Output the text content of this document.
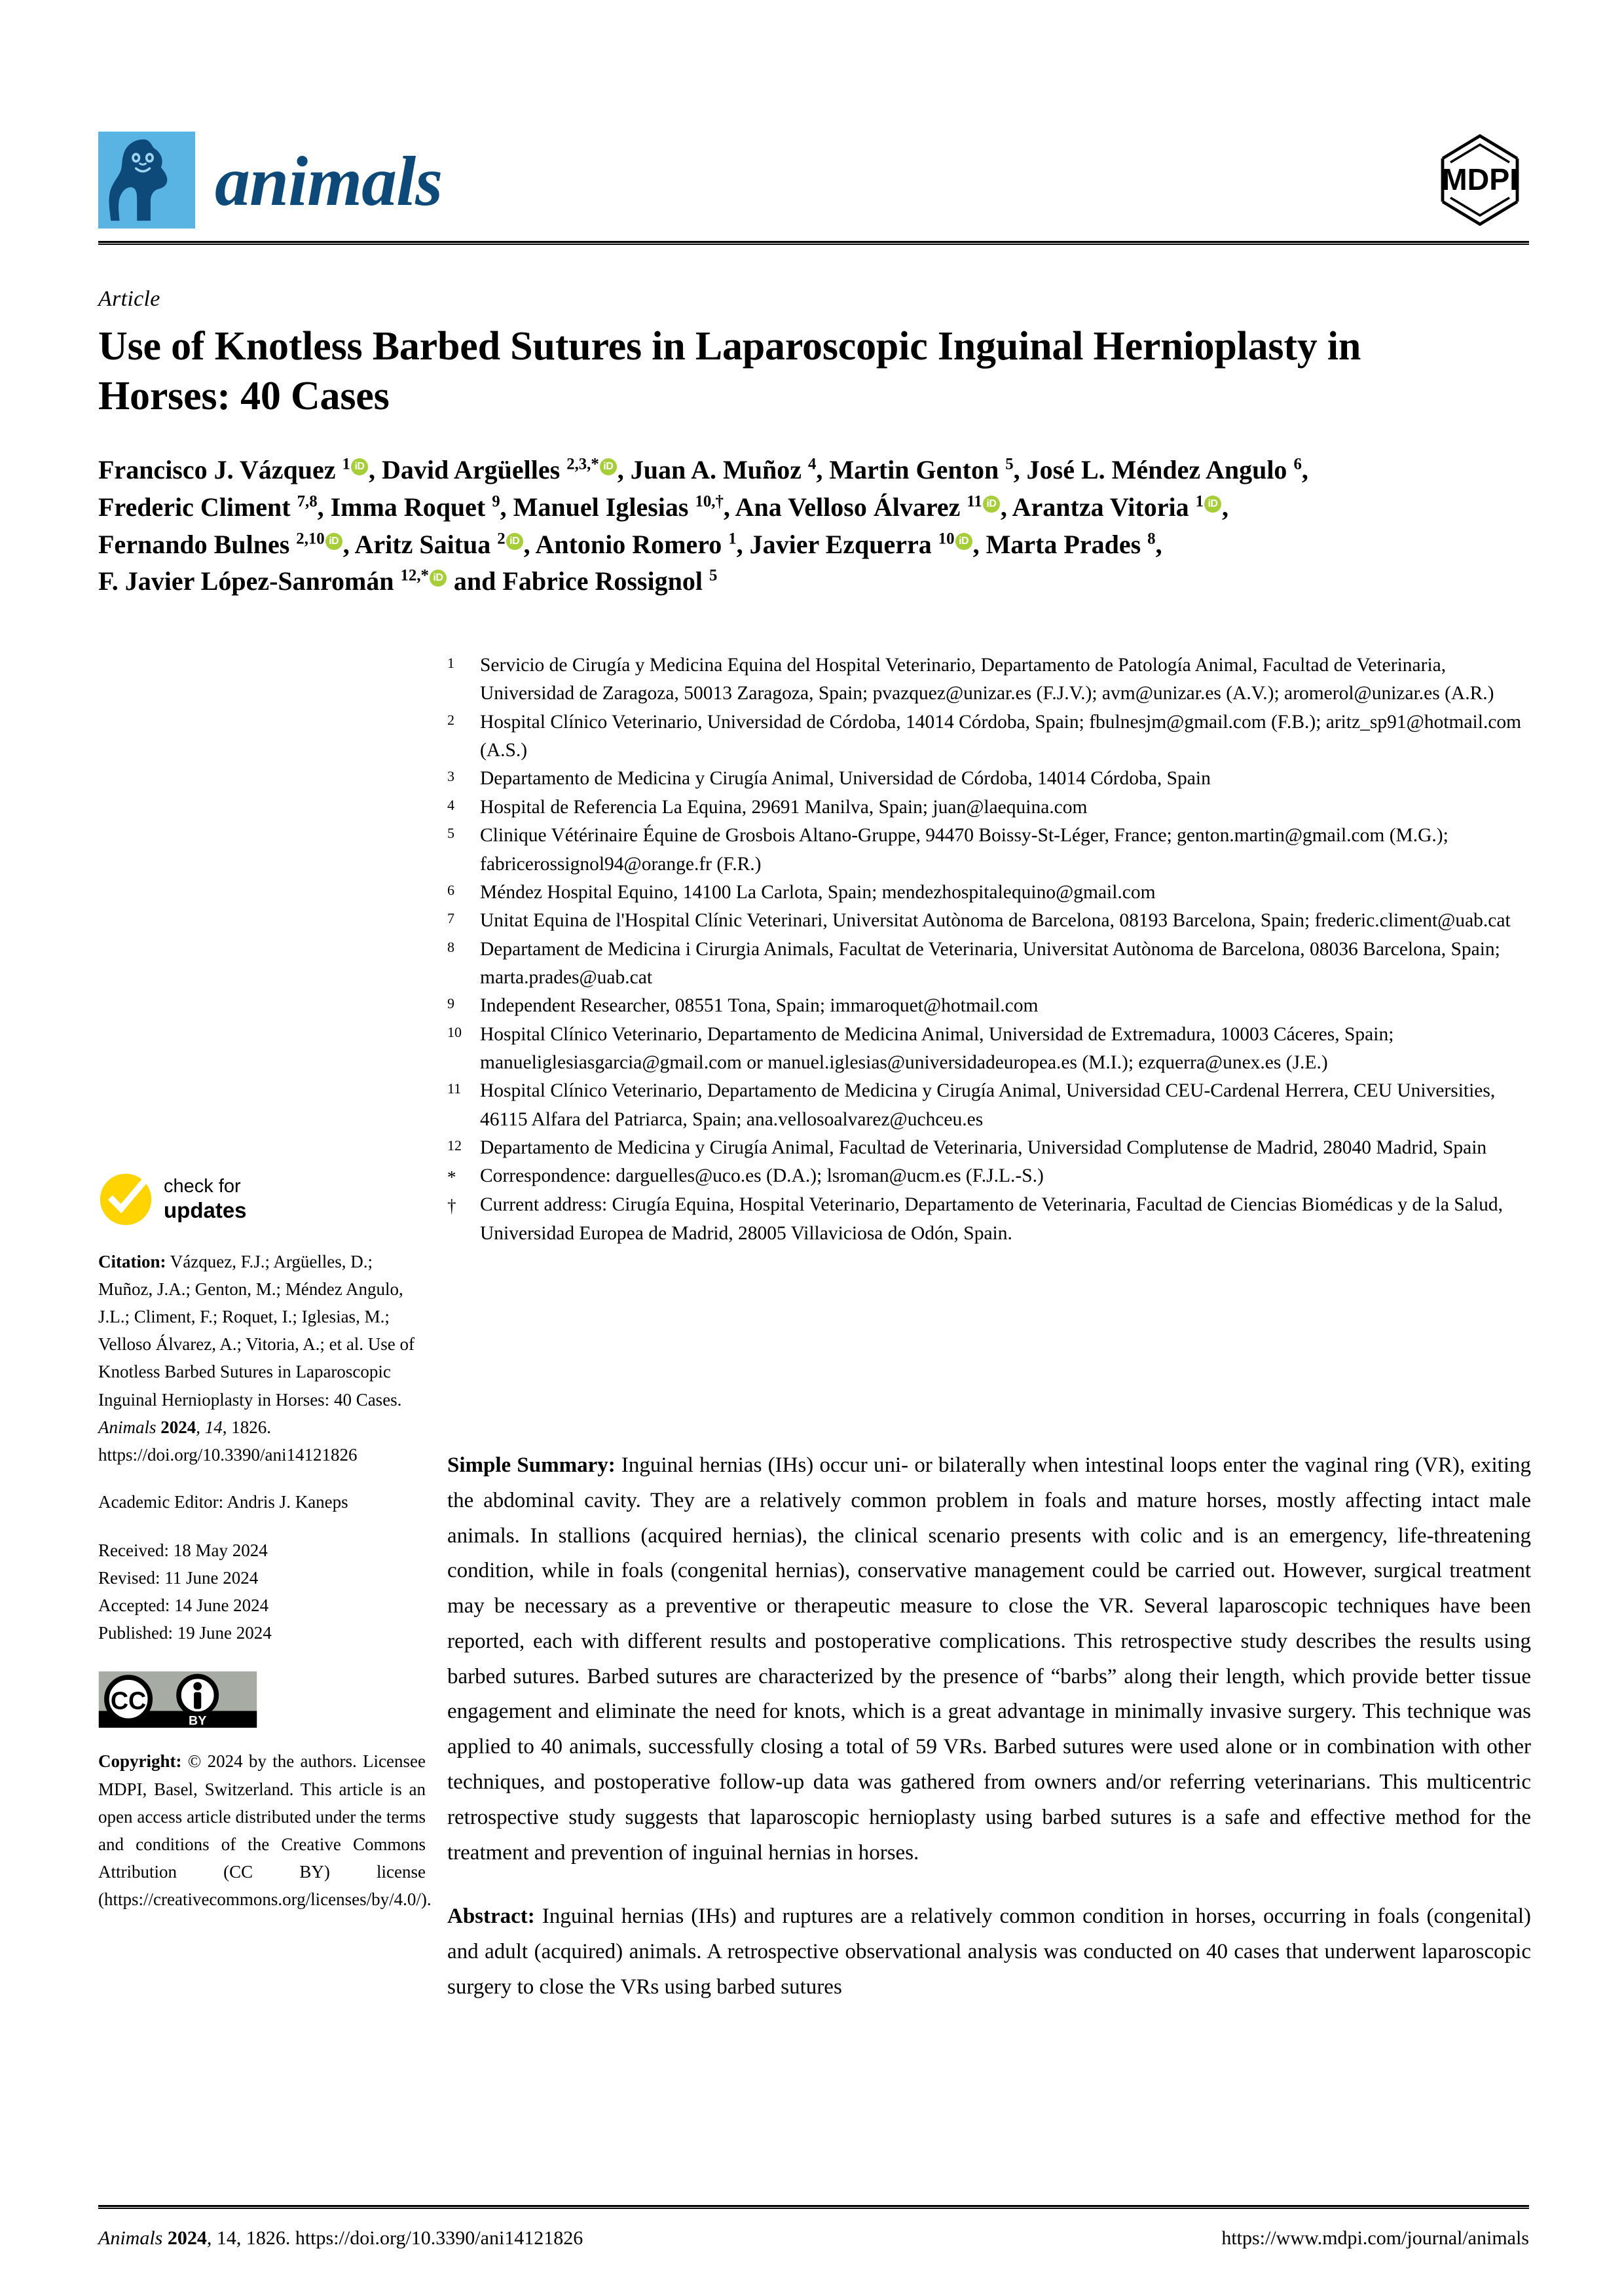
animals	MDPI
Article
Use of Knotless Barbed Sutures in Laparoscopic Inguinal Hernioplasty in Horses: 40 Cases
Francisco J. Vázquez $^1$ iD , David Argüelles $^{2,3,*}$ iD , Juan A. Muñoz $^4$, Martin Genton $^5$, José L. Méndez Angulo $^6$,
Frederic Climent $^{7,8}$, Imma Roquet $^9$, Manuel Iglesias $^{10,\dagger}$, Ana Velloso Álvarez $^{11}$ iD , Arantza Vitoria $^1$ iD ,
Fernando Bulnes $^{2,10}$ iD , Aritz Saitua $^2$ iD , Antonio Romero $^1$, Javier Ezquerra $^{10}$ iD , Marta Prades $^8$,
F. Javier López-Sanromán $^{12,*}$ iD and Fabrice Rossignol $^5$
1	Servicio de Cirugía y Medicina Equina del Hospital Veterinario, Departamento de Patología Animal, Facultad de Veterinaria, Universidad de Zaragoza, 50013 Zaragoza, Spain; pvazquez@unizar.es (F.J.V.); avm@unizar.es (A.V.); aromerol@unizar.es (A.R.)
2	Hospital Clínico Veterinario, Universidad de Córdoba, 14014 Córdoba, Spain; fbulnesjm@gmail.com (F.B.); aritz_sp91@hotmail.com (A.S.)
3	Departamento de Medicina y Cirugía Animal, Universidad de Córdoba, 14014 Córdoba, Spain
4	Hospital de Referencia La Equina, 29691 Manilva, Spain; juan@laequina.com
5	Clinique Vétérinaire Équine de Grosbois Altano-Gruppe, 94470 Boissy-St-Léger, France; genton.martin@gmail.com (M.G.); fabricerossignol94@orange.fr (F.R.)
6	Méndez Hospital Equino, 14100 La Carlota, Spain; mendezhospitalequino@gmail.com
7	Unitat Equina de l'Hospital Clínic Veterinari, Universitat Autònoma de Barcelona, 08193 Barcelona, Spain; frederic.climent@uab.cat
8	Departament de Medicina i Cirurgia Animals, Facultat de Veterinaria, Universitat Autònoma de Barcelona, 08036 Barcelona, Spain; marta.prades@uab.cat
9	Independent Researcher, 08551 Tona, Spain; immaroquet@hotmail.com
10 Hospital Clínico Veterinario, Departamento de Medicina Animal, Universidad de Extremadura, 10003 Cáceres, Spain; manueliglesiasgarcia@gmail.com or manuel.iglesias@universidadeuropea.es (M.I.); ezquerra@unex.es (J.E.)
11 Hospital Clínico Veterinario, Departamento de Medicina y Cirugía Animal, Universidad CEU-Cardenal Herrera, CEU Universities, 46115 Alfara del Patriarca, Spain; ana.vellosoalvarez@uchceu.es
12 Departamento de Medicina y Cirugía Animal, Facultad de Veterinaria, Universidad Complutense de Madrid, 28040 Madrid, Spain
*	Correspondence: darguelles@uco.es (D.A.); lsroman@ucm.es (F.J.L.-S.)
†	Current address: Cirugía Equina, Hospital Veterinario, Departamento de Veterinaria, Facultad de Ciencias Biomédicas y de la Salud, Universidad Europea de Madrid, 28005 Villaviciosa de Odón, Spain.
check for
updates
Citation: Vázquez, F.J.; Argüelles, D.; Muñoz, J.A.; Genton, M.; Méndez Angulo, J.L.; Climent, F.; Roquet, I.; Iglesias, M.; Velloso Álvarez, A.; Vitoria, A.; et al. Use of Knotless Barbed Sutures in Laparoscopic Inguinal Hernioplasty in Horses: 40 Cases. Animals 2024, 14, 1826.
https://doi.org/10.3390/ani14121826
Academic Editor: Andris J. Kaneps
Received: 18 May 2024
Revised: 11 June 2024
Accepted: 14 June 2024
Published: 19 June 2024
CC
BY
Copyright: © 2024 by the authors. Licensee MDPI, Basel, Switzerland. This article is an open access article distributed under the terms and conditions of the Creative Commons Attribution (CC BY) license (https://creativecommons.org/licenses/by/4.0/).

Simple Summary: Inguinal hernias (IHs) occur uni- or bilaterally when intestinal loops enter the vaginal ring (VR), exiting the abdominal cavity. They are a relatively common problem in foals and mature horses, mostly affecting intact male animals. In stallions (acquired hernias), the clinical scenario presents with colic and is an emergency, life-threatening condition, while in foals (congenital hernias), conservative management could be carried out. However, surgical treatment may be necessary as a preventive or therapeutic measure to close the VR. Several laparoscopic techniques have been reported, each with different results and postoperative complications. This retrospective study describes the results using barbed sutures. Barbed sutures are characterized by the presence of “barbs” along their length, which provide better tissue engagement and eliminate the need for knots, which is a great advantage in minimally invasive surgery. This technique was applied to 40 animals, successfully closing a total of 59 VRs. Barbed sutures were used alone or in combination with other techniques, and postoperative follow-up data was gathered from owners and/or referring veterinarians. This multicentric retrospective study suggests that laparoscopic hernioplasty using barbed sutures is a safe and effective method for the treatment and prevention of inguinal hernias in horses.

Abstract: Inguinal hernias (IHs) and ruptures are a relatively common condition in horses, occurring in foals (congenital) and adult (acquired) animals. A retrospective observational analysis was conducted on 40 cases that underwent laparoscopic surgery to close the VRs using barbed sutures

Animals 2024, 14, 1826. https://doi.org/10.3390/ani14121826	https://www.mdpi.com/journal/animals
